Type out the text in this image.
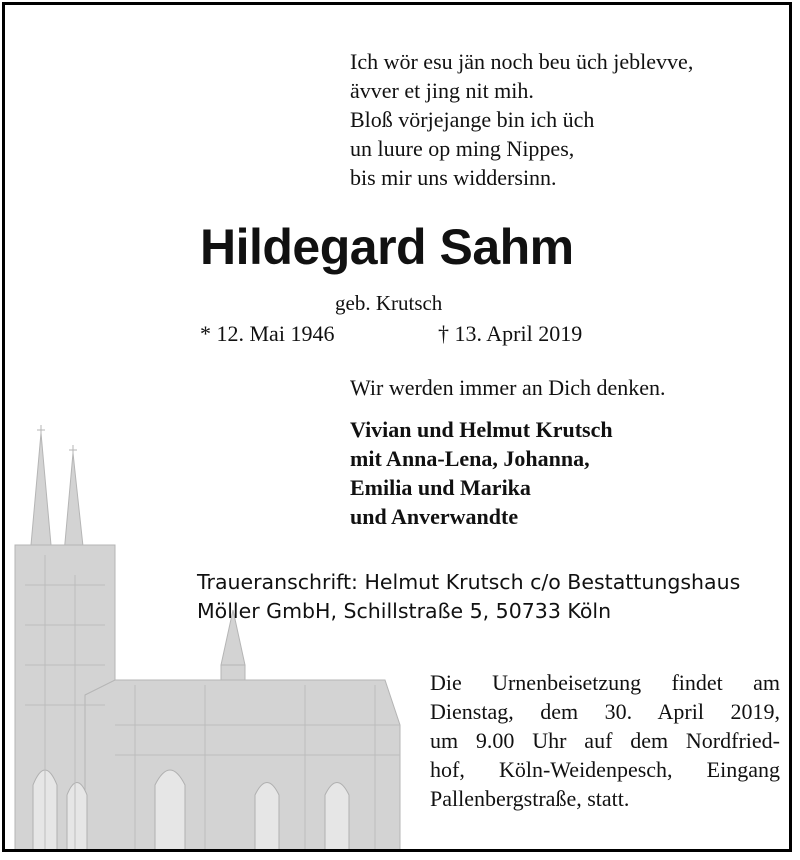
Ich wör esu jän noch beu üch jeblevve,
ävver et jing nit mih.
Bloß vörjejange bin ich üch
un luure op ming Nippes,
bis mir uns widdersinn.
Hildegard Sahm
geb. Krutsch
* 12. Mai 1946	† 13. April 2019
Wir werden immer an Dich denken.
Vivian und Helmut Krutsch
mit Anna-Lena, Johanna,
Emilia und Marika
und Anverwandte
Traueranschrift: Helmut Krutsch c/o Bestattungshaus
Möller GmbH, Schillstraße 5, 50733 Köln
Die Urnenbeisetzung findet am
Dienstag, dem 30. April 2019,
um 9.00 Uhr auf dem Nordfried-
hof, Köln-Weidenpesch, Eingang
Pallenbergstraße, statt.
